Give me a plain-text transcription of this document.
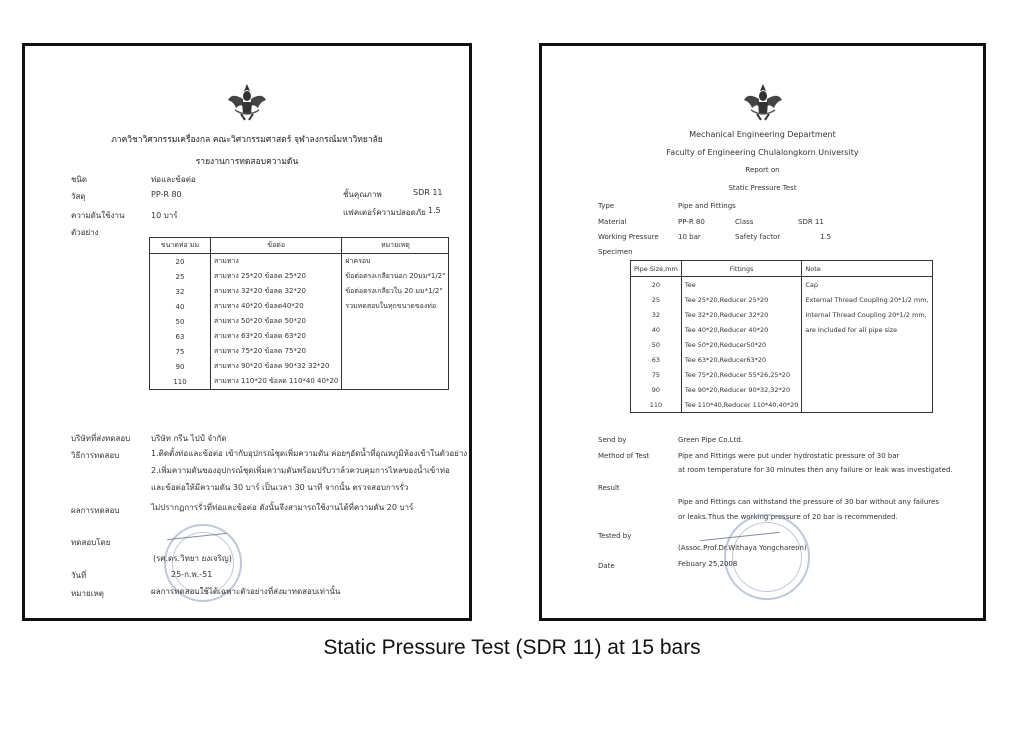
ภาควิชาวิศวกรรมเครื่องกล คณะวิศวกรรมศาสตร์ จุฬาลงกรณ์มหาวิทยาลัย
รายงานการทดสอบความดัน
ชนิด	ท่อและข้อต่อ
วัสดุ	PP-R 80	ชั้นคุณภาพ	SDR 11
ความดันใช้งาน	10 บาร์	แฟคเตอร์ความปลอดภัย 1.5
ตัวอย่าง
ขนาดท่อ มม	ข้อต่อ	หมายเหตุ
20	สามทาง	ฝาครอบ
25	สามทาง 25*20 ข้อลด 25*20	ข้อต่อตรงเกลียวนอก 20มม*1/2"
32	สามทาง 32*20 ข้อลด 32*20	ข้อต่อตรงเกลียวใน 20 มม*1/2"
40	สามทาง 40*20 ข้อลด40*20	รวมทดสอบในทุกขนาดของท่อ
50	สามทาง 50*20 ข้อลด 50*20	
63	สามทาง 63*20 ข้อลด 63*20	
75	สามทาง 75*20 ข้อลด 75*20	
90	สามทาง 90*20 ข้อลด 90*32 32*20	
110	สามทาง 110*20 ข้อลด 110*40 40*20	
บริษัทที่ส่งทดสอบ	บริษัท กรีน ไปป์ จำกัด
วิธีการทดสอบ	1.ติดตั้งท่อและข้อต่อ เข้ากับอุปกรณ์ชุดเพิ่มความดัน ค่อยๆอัดน้ำที่อุณหภูมิห้องเข้าในตัวอย่าง
2.เพิ่มความดันของอุปกรณ์ชุดเพิ่มความดันพร้อมปรับวาล์วควบคุมการไหลของน้ำเข้าท่อ
และข้อต่อให้มีความดัน 30 บาร์ เป็นเวลา 30 นาที จากนั้น ตรวจสอบการรั่ว
ผลการทดสอบ	ไม่ปรากฏการรั่วที่ท่อและข้อต่อ ดังนั้นจึงสามารถใช้งานได้ที่ความดัน 20 บาร์
ทดสอบโดย
(รศ.ดร.วิทยา ยงเจริญ)
วันที่	25-ก.พ.-51
หมายเหตุ	ผลการทดสอบใช้ได้เฉพาะตัวอย่างที่ส่งมาทดสอบเท่านั้น
Mechanical Engineering Department
Faculty of Engineering Chulalongkorn University
Report on
Static Pressure Test
Type	Pipe and Fittings
Material	PP-R 80	Class	SDR 11
Working Pressure	10 bar	Safety factor	1.5
Specimen
Pipe Size,mm	Fittings	Note
20	Tee	Cap
25	Tee 25*20,Reducer 25*20	External Thread Coupling 20*1/2 mm,
32	Tee 32*20,Reducer 32*20	Internal Thread Coupling 20*1/2 mm,
40	Tee 40*20,Reducer 40*20	are Included for all pipe size
50	Tee 50*20,Reducer50*20	
63	Tee 63*20,Reducer63*20	
75	Tee 75*20,Reducer 55*26,25*20	
90	Tee 90*20,Reducer 90*32,32*20	
110	Tee 110*40,Reducer 110*40,40*20	
Send by	Green Pipe Co.Ltd.
Method of Test	Pipe and Fittings were put under hydrostatic pressure of 30 bar
at room temperature for 30 minutes then any failure or leak was investigated.
Result
Pipe and Fittings can withstand the pressure of 30 bar without any failures
or leaks.Thus the working pressure of 20 bar is recommended.
Tested by
(Assoc.Prof.Dr.Withaya Yongchareon)
Date	Febuary 25,2008
Static Pressure Test (SDR 11) at 15 bars
